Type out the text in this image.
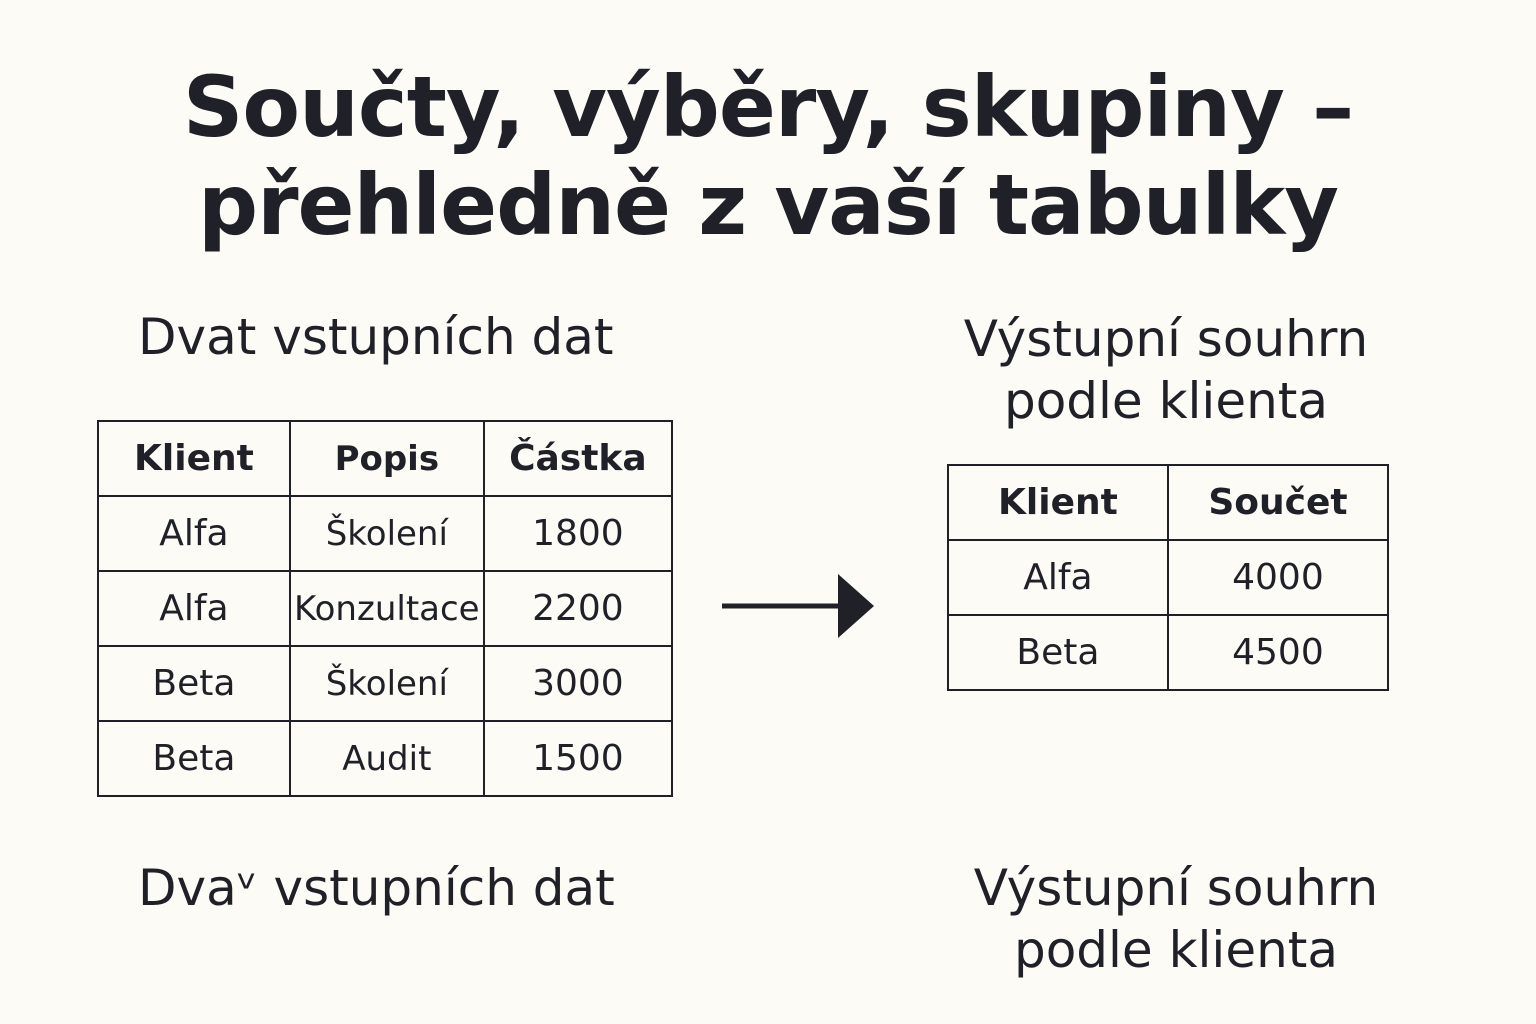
Součty, výběry, skupiny –
přehledně z vaší tabulky
Dvat vstupních dat	Výstupní souhrn
podle klienta
Klient	Popis	Částka
Alfa	Školení	1800
Alfa	Konzultace	2200
Beta	Školení	3000
Beta	Audit	1500
Klient	Součet
Alfa	4000
Beta	4500
Dvaᵛ vstupních dat	Výstupní souhrn
podle klienta
